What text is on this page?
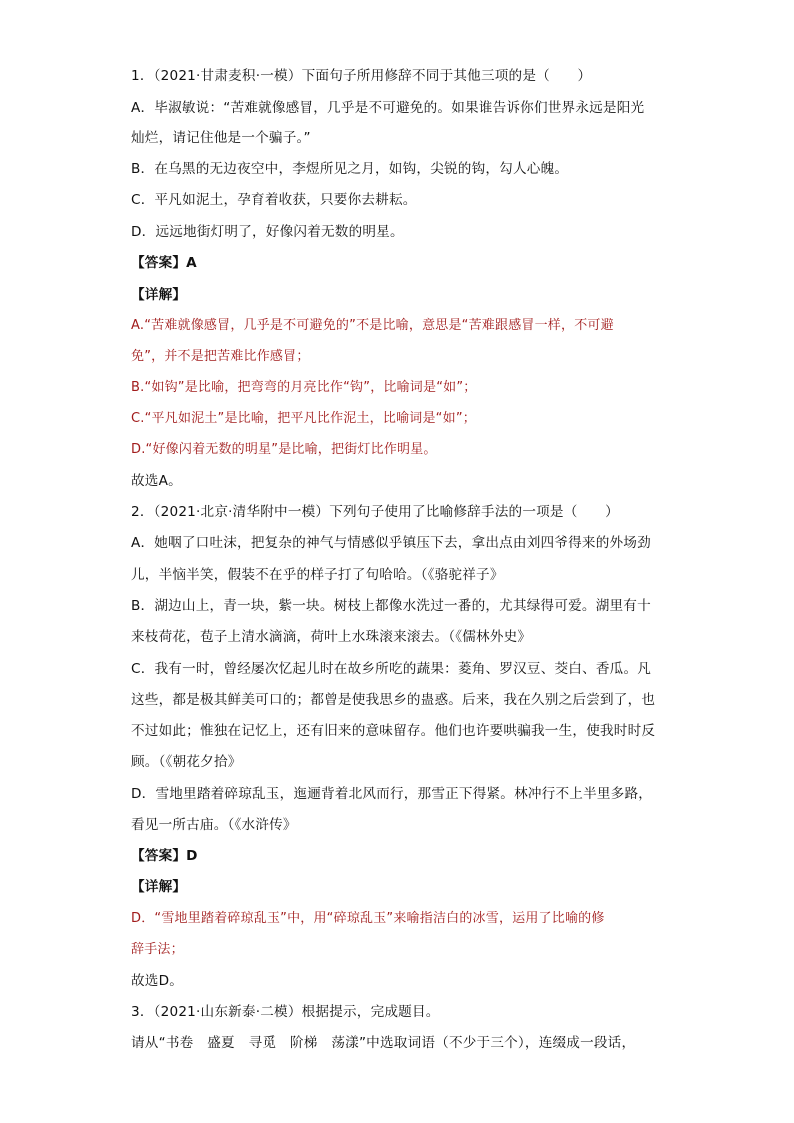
1．（2021·甘肃麦积·一模）下面句子所用修辞不同于其他三项的是（　　）
A．毕淑敏说：“苦难就像感冒，几乎是不可避免的。如果谁告诉你们世界永远是阳光
灿烂，请记住他是一个骗子。”
B．在乌黑的无边夜空中，李煜所见之月，如钩，尖锐的钩，勾人心魄。
C．平凡如泥土，孕育着收获，只要你去耕耘。
D．远远地街灯明了，好像闪着无数的明星。
【答案】A
【详解】
A.“苦难就像感冒，几乎是不可避免的”不是比喻，意思是“苦难跟感冒一样，不可避
免”，并不是把苦难比作感冒；
B.“如钩”是比喻，把弯弯的月亮比作“钩”，比喻词是“如”；
C.“平凡如泥土”是比喻，把平凡比作泥土，比喻词是“如”；
D.“好像闪着无数的明星”是比喻，把街灯比作明星。
故选A。
2．（2021·北京·清华附中一模）下列句子使用了比喻修辞手法的一项是（　　）
A．她咽了口吐沫，把复杂的神气与情感似乎镇压下去，拿出点由刘四爷得来的外场劲
儿，半恼半笑，假装不在乎的样子打了句哈哈。（《骆驼祥子》
B．湖边山上，青一块，紫一块。树枝上都像水洗过一番的，尤其绿得可爱。湖里有十
来枝荷花，苞子上清水滴滴，荷叶上水珠滚来滚去。（《儒林外史》
C．我有一时，曾经屡次忆起儿时在故乡所吃的蔬果：菱角、罗汉豆、茭白、香瓜。凡
这些，都是极其鲜美可口的；都曾是使我思乡的蛊惑。后来，我在久别之后尝到了，也
不过如此；惟独在记忆上，还有旧来的意味留存。他们也许要哄骗我一生，使我时时反
顾。（《朝花夕拾》
D．雪地里踏着碎琼乱玉，迤逦背着北风而行，那雪正下得紧。林冲行不上半里多路，
看见一所古庙。（《水浒传》
【答案】D
【详解】
D．“雪地里踏着碎琼乱玉”中，用“碎琼乱玉”来喻指洁白的冰雪，运用了比喻的修
辞手法；
故选D。
3．（2021·山东新泰·二模）根据提示，完成题目。
请从“书卷　盛夏　寻觅　阶梯　荡漾”中选取词语（不少于三个），连缀成一段话，
